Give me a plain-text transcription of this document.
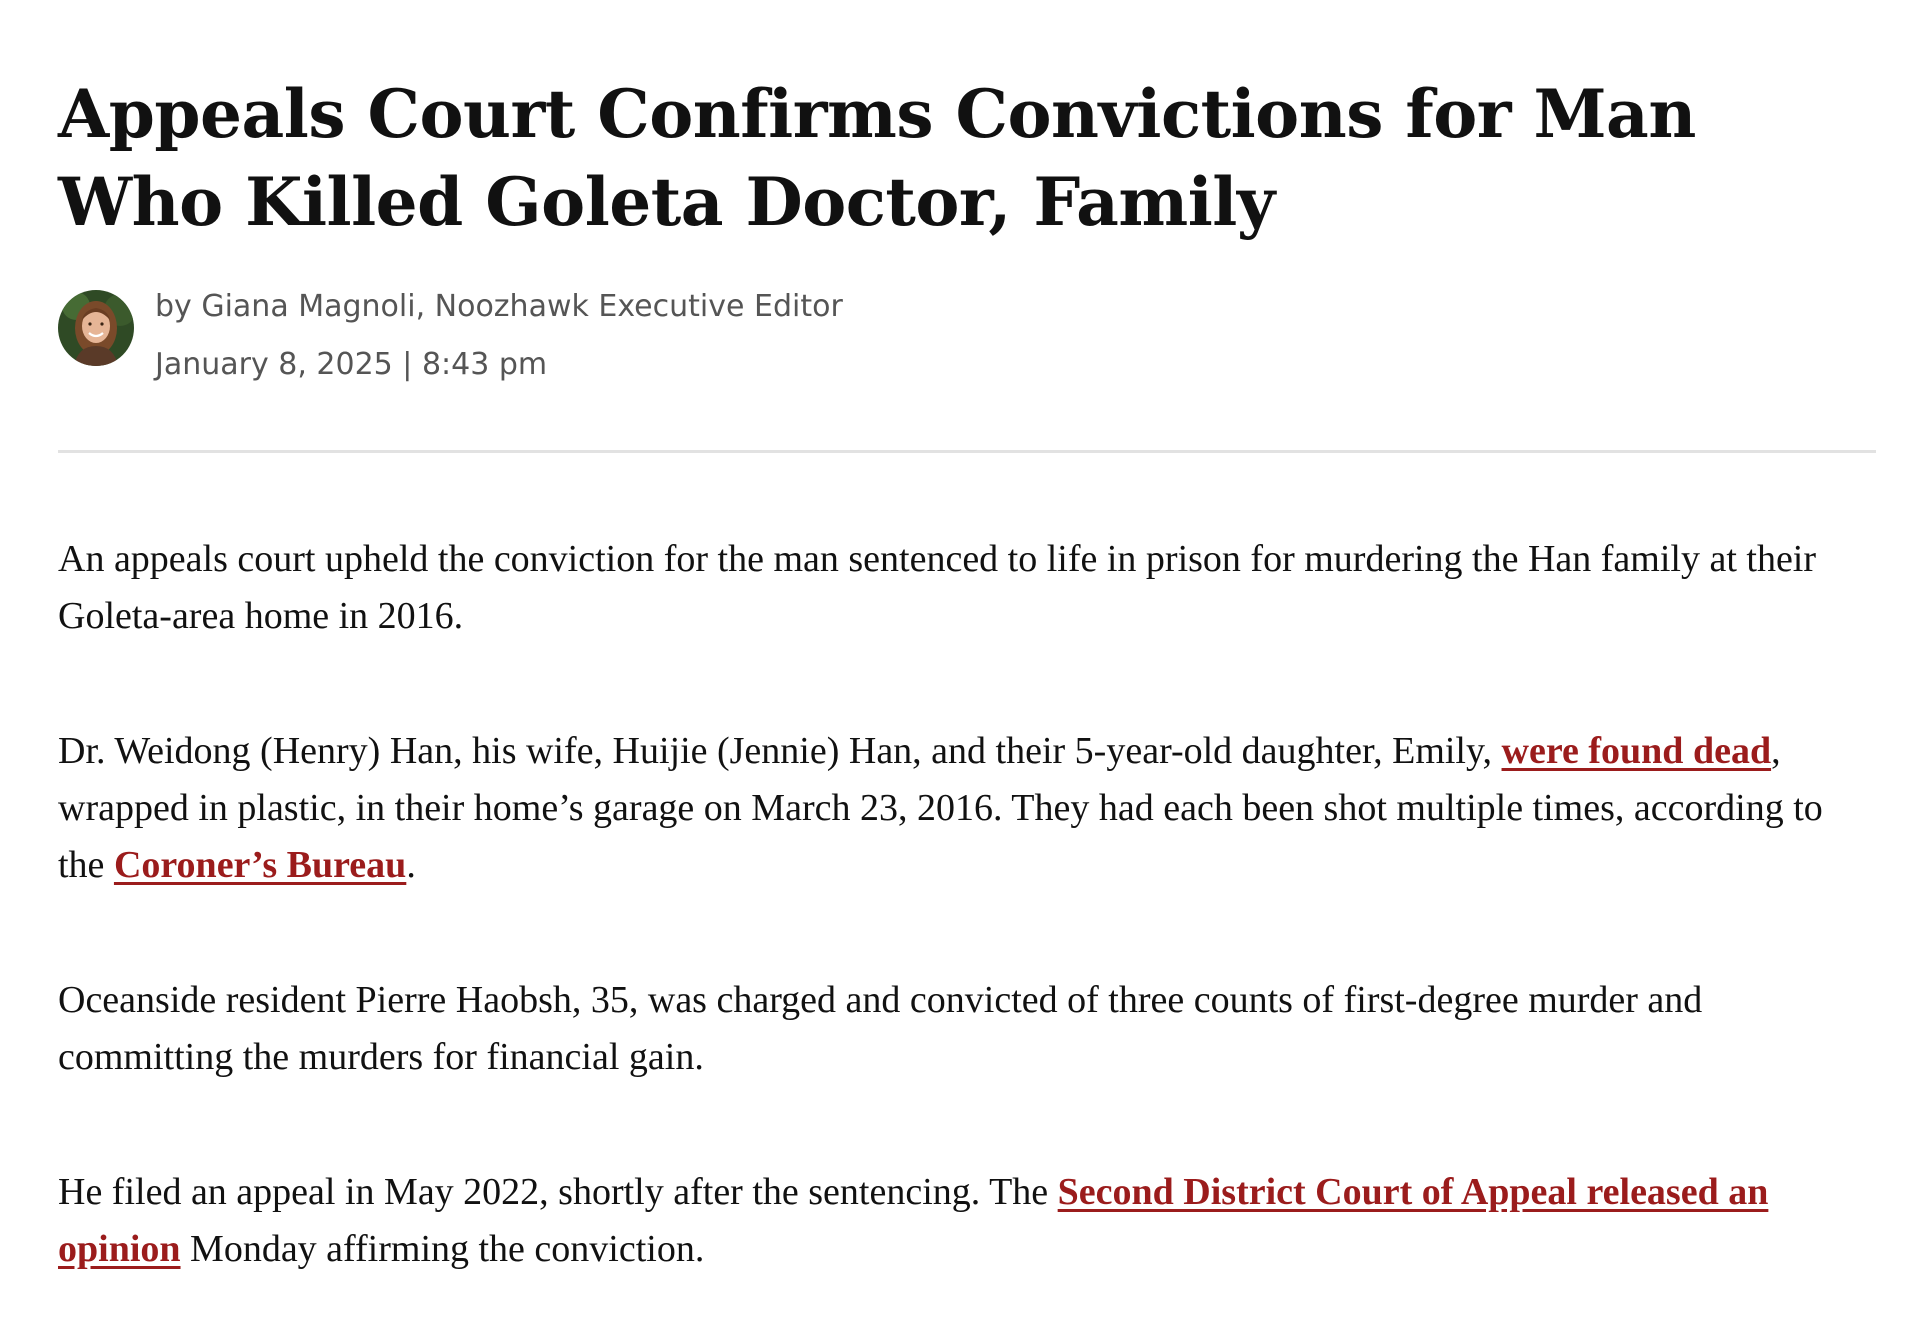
Appeals Court Confirms Convictions for Man Who Killed Goleta Doctor, Family
by Giana Magnoli, Noozhawk Executive Editor
January 8, 2025 | 8:43 pm

An appeals court upheld the conviction for the man sentenced to life in prison for murdering the Han family at their Goleta-area home in 2016.

Dr. Weidong (Henry) Han, his wife, Huijie (Jennie) Han, and their 5-year-old daughter, Emily, were found dead, wrapped in plastic, in their home’s garage on March 23, 2016. They had each been shot multiple times, according to the Coroner’s Bureau.

Oceanside resident Pierre Haobsh, 35, was charged and convicted of three counts of first-degree murder and committing the murders for financial gain.

He filed an appeal in May 2022, shortly after the sentencing. The Second District Court of Appeal released an opinion Monday affirming the conviction.
